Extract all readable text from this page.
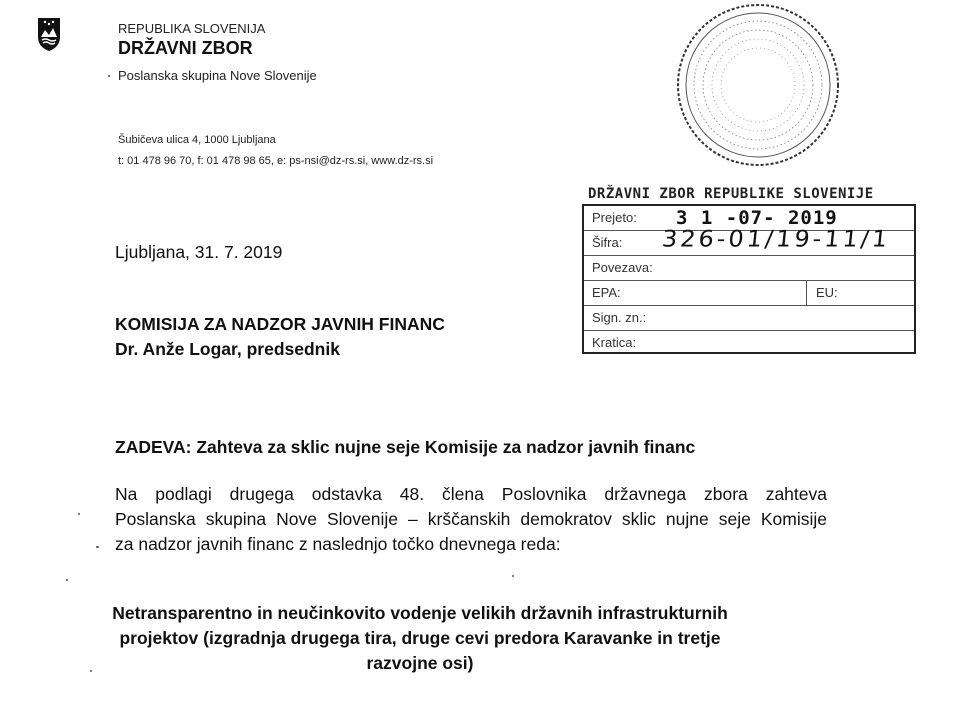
REPUBLIKA SLOVENIJA
DRŽAVNI ZBOR
Poslanska skupina Nove Slovenije
Šubičeva ulica 4, 1000 Ljubljana
t: 01 478 96 70, f: 01 478 98 65, e: ps-nsi@dz-rs.si, www.dz-rs.si
DRŽAVNI ZBOR REPUBLIKE SLOVENIJE
Prejeto: 3 1 -07- 2019
Šifra: 326-01/19-11/1
Povezava:
EPA:	EU:
Sign. zn.:
Kratica:
Ljubljana, 31. 7. 2019
KOMISIJA ZA NADZOR JAVNIH FINANC
Dr. Anže Logar, predsednik
ZADEVA: Zahteva za sklic nujne seje Komisije za nadzor javnih financ
Na podlagi drugega odstavka 48. člena Poslovnika državnega zbora zahteva
Poslanska skupina Nove Slovenije – krščanskih demokratov sklic nujne seje Komisije
za nadzor javnih financ z naslednjo točko dnevnega reda:
Netransparentno in neučinkovito vodenje velikih državnih infrastrukturnih
projektov (izgradnja drugega tira, druge cevi predora Karavanke in tretje
razvojne osi)
